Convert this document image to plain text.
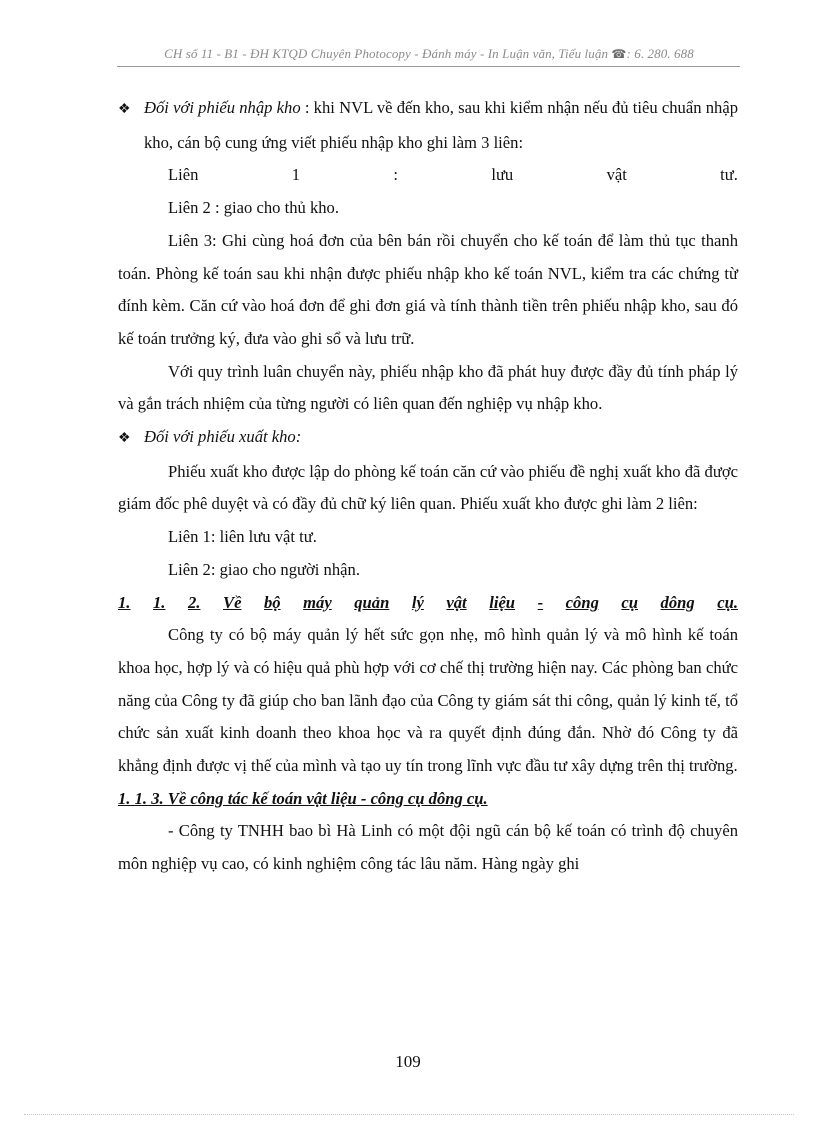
CH số 11 - B1 - ĐH KTQD Chuyên Photocopy - Đánh máy - In Luận văn, Tiểu luận ☎: 6. 280. 688

❖ Đối với phiếu nhập kho : khi NVL về đến kho, sau khi kiểm nhận nếu đủ tiêu chuẩn nhập kho, cán bộ cung ứng viết phiếu nhập kho ghi làm 3 liên:

Liên	1	:	lưu	vật	tư.

Liên 2 : giao cho thủ kho.

Liên 3: Ghi cùng hoá đơn của bên bán rồi chuyển cho kế toán để làm thủ tục thanh toán. Phòng kế toán sau khi nhận được phiếu nhập kho kế toán NVL, kiểm tra các chứng từ đính kèm. Căn cứ vào hoá đơn để ghi đơn giá và tính thành tiền trên phiếu nhập kho, sau đó kế toán trưởng ký, đưa vào ghi sổ và lưu trữ.

Với quy trình luân chuyển này, phiếu nhập kho đã phát huy được đầy đủ tính pháp lý và gắn trách nhiệm của từng người có liên quan đến nghiệp vụ nhập kho.

❖ Đối với phiếu xuất kho:

Phiếu xuất kho được lập do phòng kế toán căn cứ vào phiếu đề nghị xuất kho đã được giám đốc phê duyệt và có đầy đủ chữ ký liên quan. Phiếu xuất kho được ghi làm 2 liên:

Liên 1: liên lưu vật tư.

Liên 2: giao cho người nhận.

1. 1. 2. Về bộ máy quản lý vật liệu - công cụ dông cụ.

Công ty có bộ máy quản lý hết sức gọn nhẹ, mô hình quản lý và mô hình kế toán khoa học, hợp lý và có hiệu quả phù hợp với cơ chế thị trường hiện nay. Các phòng ban chức năng của Công ty đã giúp cho ban lãnh đạo của Công ty giám sát thi công, quản lý kinh tế, tổ chức sản xuất kinh doanh theo khoa học và ra quyết định đúng đắn. Nhờ đó Công ty đã khẳng định được vị thế của mình và tạo uy tín trong lĩnh vực đầu tư xây dựng trên thị trường.

1. 1. 3. Về công tác kế toán vật liệu - công cụ dông cụ.

- Công ty TNHH bao bì Hà Linh có một đội ngũ cán bộ kế toán có trình độ chuyên môn nghiệp vụ cao, có kinh nghiệm công tác lâu năm. Hàng ngày ghi

109
